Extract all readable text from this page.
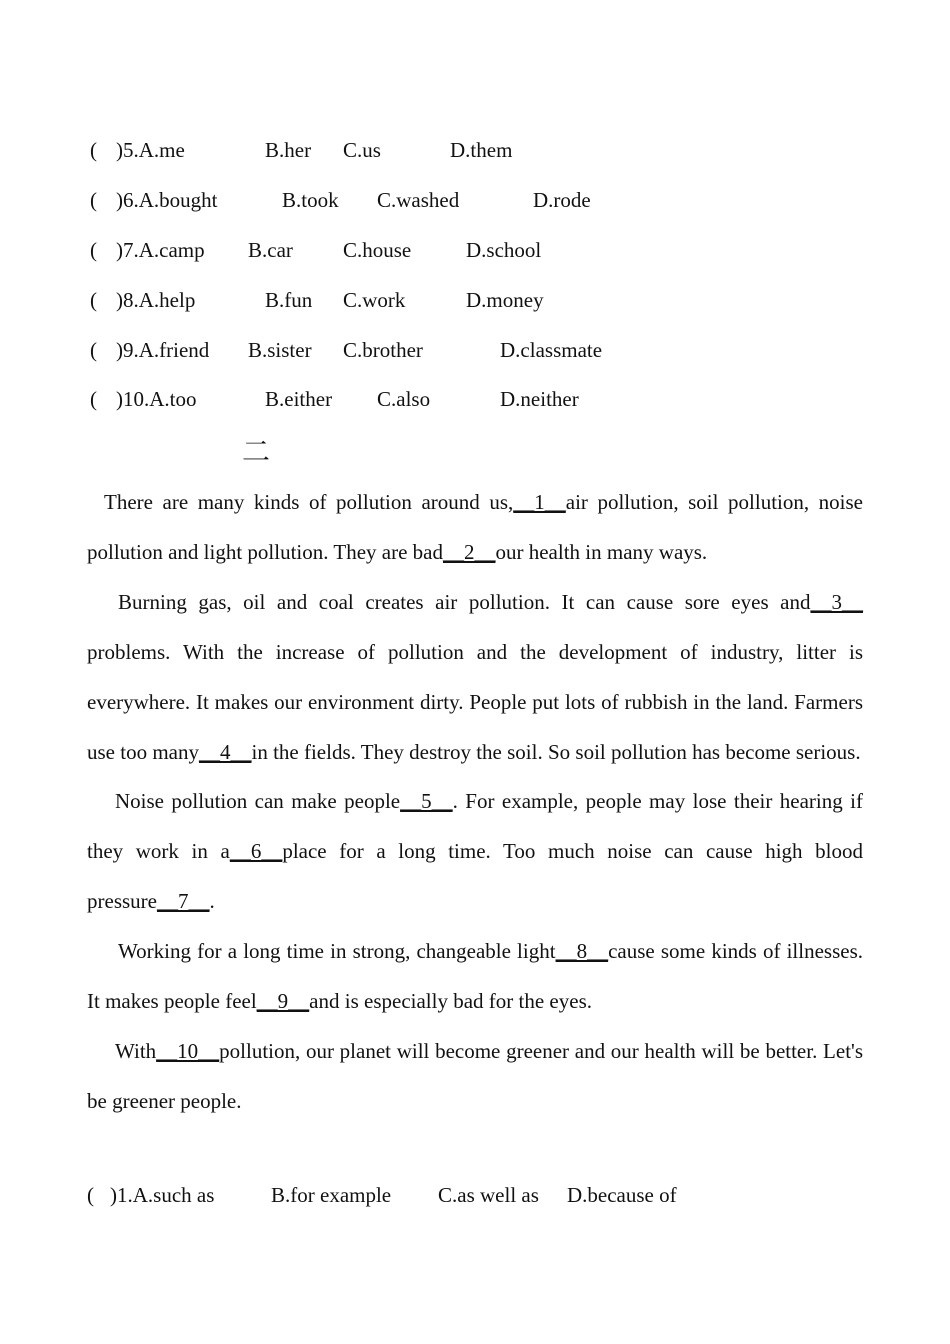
( )5.A.me	B.her C.us	D.them
( )6.A.bought	B.took C.washed	D.rode
( )7.A.camp B.car C.house	D.school
( )8.A.help	B.fun C.work	D.money
( )9.A.friend B.sister C.brother	D.classmate
( )10.A.too	B.either C.also	D.neither
二

There are many kinds of pollution around us,__1__air pollution, soil pollution, noise pollution and light pollution. They are bad__2__our health in many ways.

Burning gas, oil and coal creates air pollution. It can cause sore eyes and__3__ problems. With the increase of pollution and the development of industry, litter is everywhere. It makes our environment dirty. People put lots of rubbish in the land. Farmers use too many__4__in the fields. They destroy the soil. So soil pollution has become serious.

Noise pollution can make people__5__. For example, people may lose their hearing if they work in a__6__place for a long time. Too much noise can cause high blood pressure__7__.

Working for a long time in strong, changeable light__8__cause some kinds of illnesses. It makes people feel__9__and is especially bad for the eyes.

With__10__pollution, our planet will become greener and our health will be better. Let's be greener people.

( )1.A.such as	B.for example C.as well as D.because of
